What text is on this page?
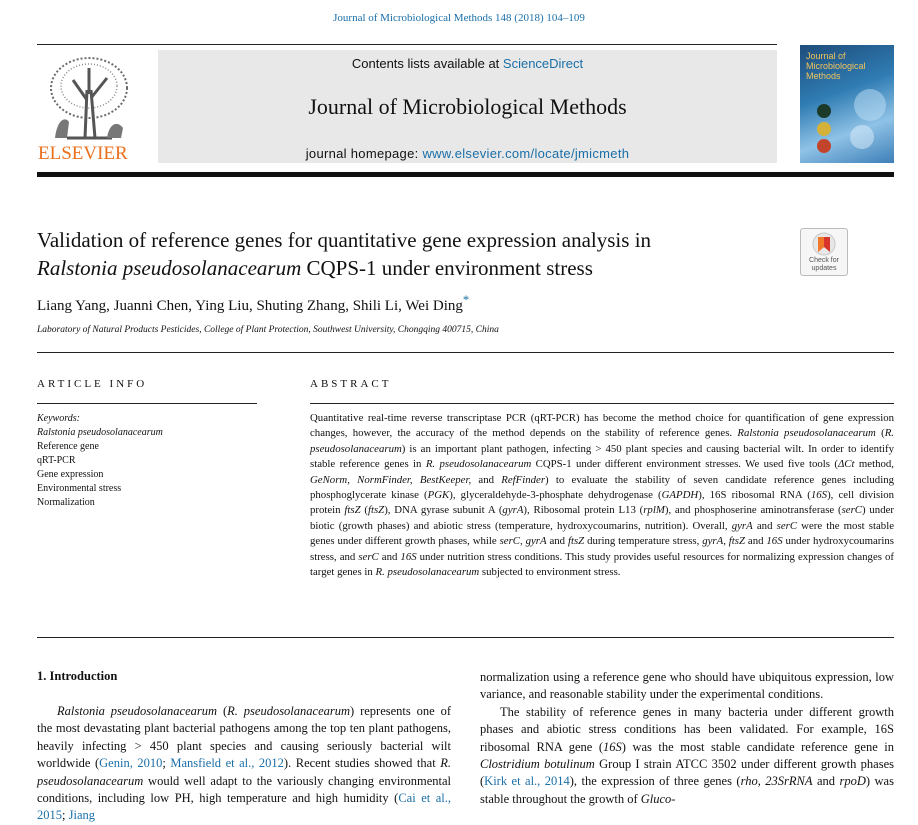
Journal of Microbiological Methods 148 (2018) 104–109
ELSEVIER
Contents lists available at ScienceDirect
Journal of Microbiological Methods
journal homepage: www.elsevier.com/locate/jmicmeth
Journal of Microbiological Methods
Validation of reference genes for quantitative gene expression analysis in
Ralstonia pseudosolanacearum CQPS-1 under environment stress	Check for updates
Liang Yang, Juanni Chen, Ying Liu, Shuting Zhang, Shili Li, Wei Ding*
Laboratory of Natural Products Pesticides, College of Plant Protection, Southwest University, Chongqing 400715, China
ARTICLE INFO	ABSTRACT
Keywords:
Ralstonia pseudosolanacearum
Reference gene
qRT-PCR
Gene expression
Environmental stress
Normalization
Quantitative real-time reverse transcriptase PCR (qRT-PCR) has become the method choice for quantification of gene expression changes, however, the accuracy of the method depends on the stability of reference genes. Ralstonia pseudosolanacearum (R. pseudosolanacearum) is an important plant pathogen, infecting > 450 plant species and causing bacterial wilt. In order to identify stable reference genes in R. pseudosolanacearum CQPS-1 under different environment stresses. We used five tools (ΔCt method, GeNorm, NormFinder, BestKeeper, and RefFinder) to evaluate the stability of seven candidate reference genes including phosphoglycerate kinase (PGK), glyceraldehyde-3-phosphate dehydrogenase (GAPDH), 16S ribosomal RNA (16S), cell division protein ftsZ (ftsZ), DNA gyrase subunit A (gyrA), Ribosomal protein L13 (rplM), and phosphoserine aminotransferase (serC) under biotic (growth phases) and abiotic stress (temperature, hydroxycoumarins, nutrition). Overall, gyrA and serC were the most stable genes under different growth phases, while serC, gyrA and ftsZ during temperature stress, gyrA, ftsZ and 16S under hydroxycoumarins stress, and serC and 16S under nutrition stress conditions. This study provides useful resources for normalizing expression changes of target genes in R. pseudosolanacearum subjected to environment stress.
1. Introduction

Ralstonia pseudosolanacearum (R. pseudosolanacearum) represents one of the most devastating plant bacterial pathogens among the top ten plant pathogens, heavily infecting > 450 plant species and causing seriously bacterial wilt worldwide (Genin, 2010; Mansfield et al., 2012). Recent studies showed that R. pseudosolanacearum would well adapt to the variously changing environmental conditions, including low PH, high temperature and high humidity (Cai et al., 2015; Jiang

normalization using a reference gene who should have ubiquitous expression, low variance, and reasonable stability under the experimental conditions.

The stability of reference genes in many bacteria under different growth phases and abiotic stress conditions has been validated. For example, 16S ribosomal RNA gene (16S) was the most stable candidate reference gene in Clostridium botulinum Group I strain ATCC 3502 under different growth phases (Kirk et al., 2014), the expression of three genes (rho, 23SrRNA and rpoD) was stable throughout the growth of Gluco-
